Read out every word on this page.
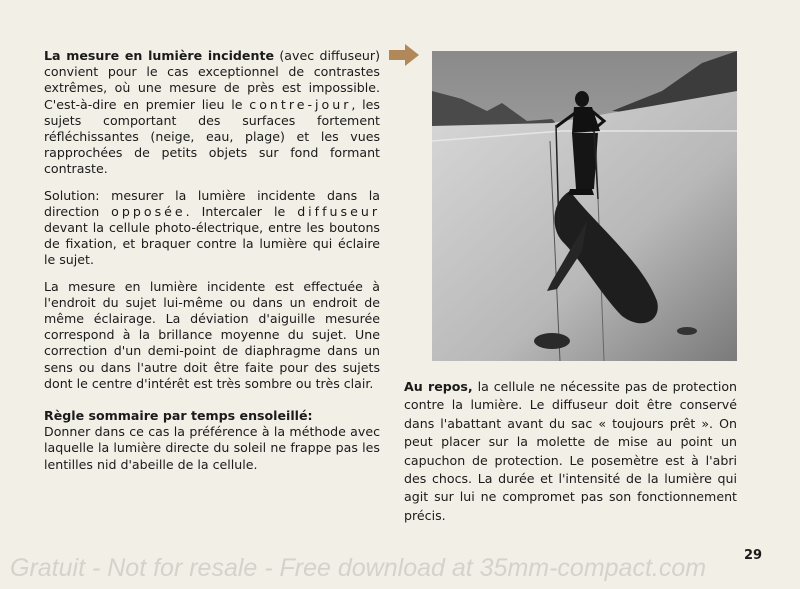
La mesure en lumière incidente (avec diffuseur) convient pour le cas exceptionnel de contrastes extrêmes, où une mesure de près est impossible. C'est-à-dire en premier lieu le contre-jour, les sujets comportant des surfaces fortement réfléchissantes (neige, eau, plage) et les vues rapprochées de petits objets sur fond formant contraste.

Solution: mesurer la lumière incidente dans la direction opposée. Intercaler le diffuseur devant la cellule photo-électrique, entre les boutons de fixation, et braquer contre la lumière qui éclaire le sujet.

La mesure en lumière incidente est effectuée à l'endroit du sujet lui-même ou dans un endroit de même éclairage. La déviation d'aiguille mesurée correspond à la brillance moyenne du sujet. Une correction d'un demi-point de diaphragme dans un sens ou dans l'autre doit être faite pour des sujets dont le centre d'intérêt est très sombre ou très clair.

Règle sommaire par temps ensoleillé:
Donner dans ce cas la préférence à la méthode avec laquelle la lumière directe du soleil ne frappe pas les lentilles nid d'abeille de la cellule.

Au repos, la cellule ne nécessite pas de protection contre la lumière. Le diffuseur doit être conservé dans l'abattant avant du sac « toujours prêt ». On peut placer sur la molette de mise au point un capuchon de protection. Le posemètre est à l'abri des chocs. La durée et l'intensité de la lumière qui agit sur lui ne compromet pas son fonctionnement précis.

29
Gratuit - Not for resale - Free download at 35mm-compact.com
